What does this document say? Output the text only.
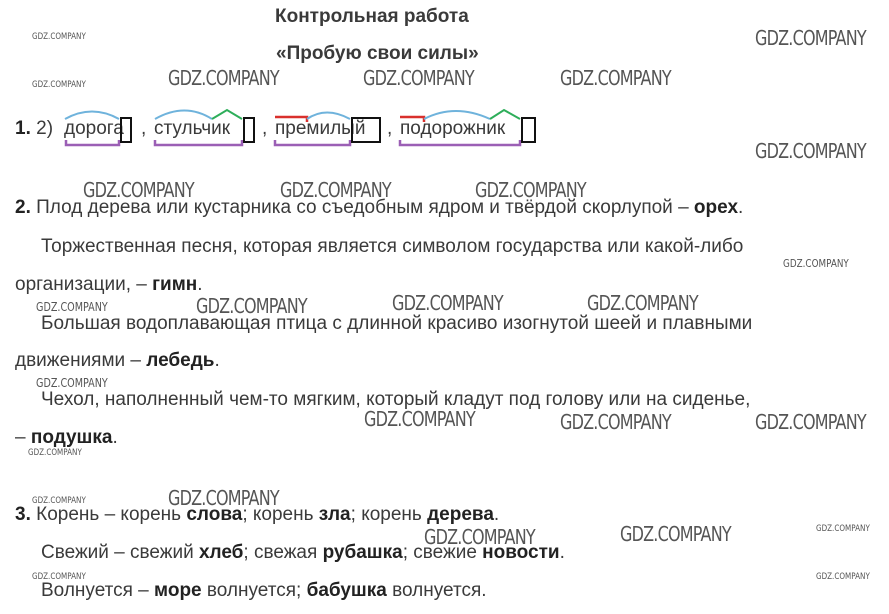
Контрольная работа
«Пробую свои силы»
GDZ.COMPANY	GDZ.COMPANY
GDZ.COMPANY	GDZ.COMPANY	GDZ.COMPANY	GDZ.COMPANY
GDZ.COMPANY
GDZ.COMPANY	GDZ.COMPANY	GDZ.COMPANY
GDZ.COMPANY
GDZ.COMPANY	GDZ.COMPANY	GDZ.COMPANY	GDZ.COMPANY
GDZ.COMPANY
GDZ.COMPANY	GDZ.COMPANY	GDZ.COMPANY
GDZ.COMPANY
GDZ.COMPANY	GDZ.COMPANY
GDZ.COMPANY	GDZ.COMPANY	GDZ.COMPANY
GDZ.COMPANY	GDZ.COMPANY
1. 2) дорога , стульчик , премилый , подорожник
2. Плод дерева или кустарника со съедобным ядром и твёрдой скорлупой – орех.
Торжественная песня, которая является символом государства или какой-либо
организации, – гимн.
Большая водоплавающая птица с длинной красиво изогнутой шеей и плавными
движениями – лебедь.
Чехол, наполненный чем-то мягким, который кладут под голову или на сиденье,
– подушка.
3. Корень – корень слова; корень зла; корень дерева.
Свежий – свежий хлеб; свежая рубашка; свежие новости.
Волнуется – море волнуется; бабушка волнуется.
